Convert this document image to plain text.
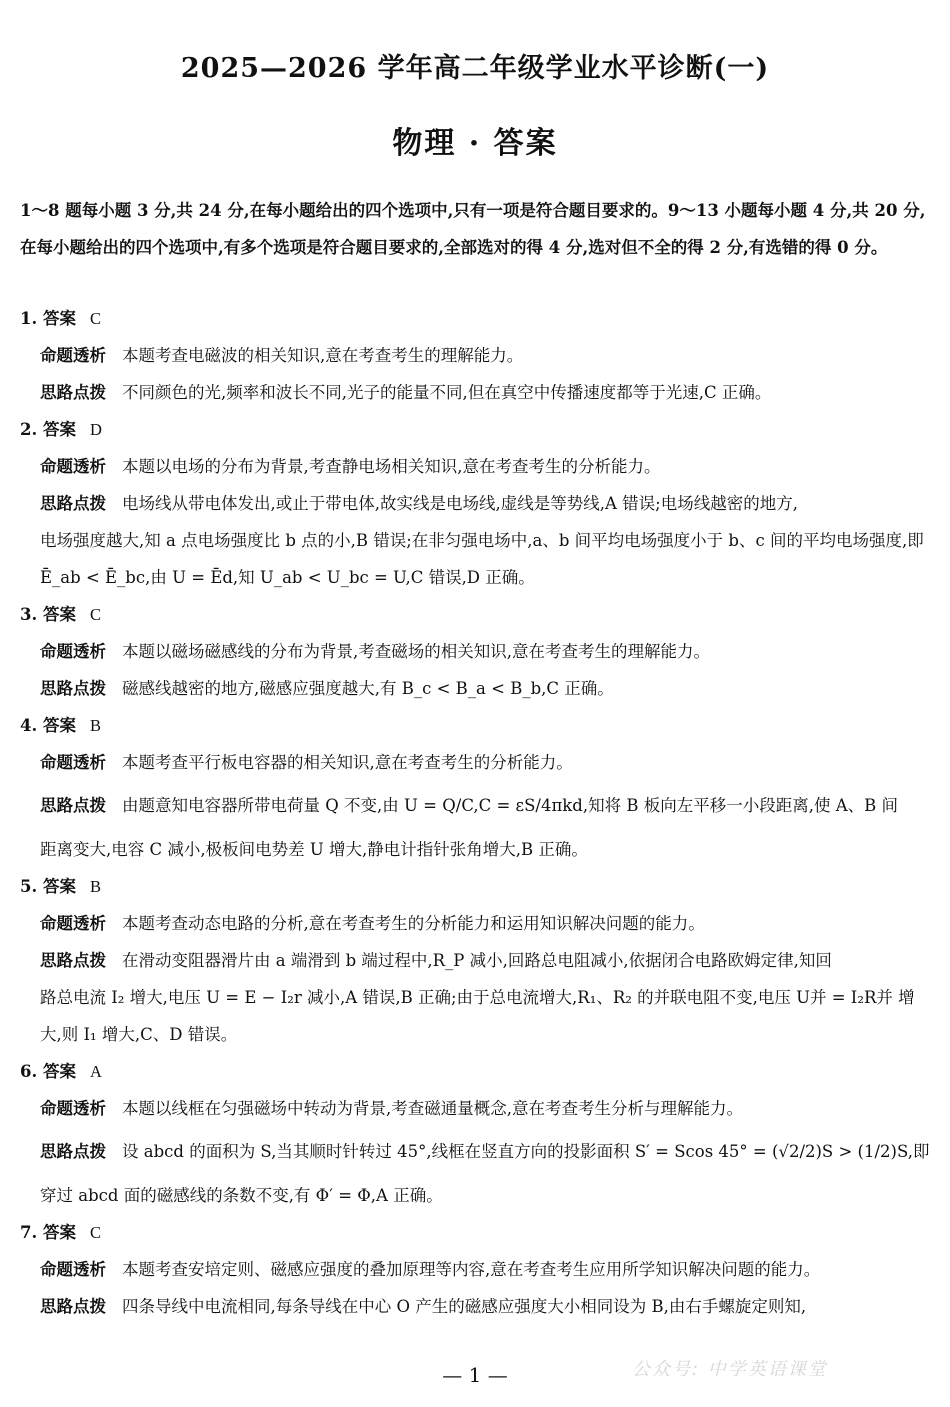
2025—2026 学年高二年级学业水平诊断(一)
物理 · 答案
1～8 题每小题 3 分,共 24 分,在每小题给出的四个选项中,只有一项是符合题目要求的。9～13 小题每小题 4 分,共 20 分,在每小题给出的四个选项中,有多个选项是符合题目要求的,全部选对的得 4 分,选对但不全的得 2 分,有选错的得 0 分。
1. 答案 C
命题透析 本题考查电磁波的相关知识,意在考查考生的理解能力。
思路点拨 不同颜色的光,频率和波长不同,光子的能量不同,但在真空中传播速度都等于光速,C 正确。
2. 答案 D
命题透析 本题以电场的分布为背景,考查静电场相关知识,意在考查考生的分析能力。
思路点拨 电场线从带电体发出,或止于带电体,故实线是电场线,虚线是等势线,A 错误;电场线越密的地方,
电场强度越大,知 a 点电场强度比 b 点的小,B 错误;在非匀强电场中,a、b 间平均电场强度小于 b、c 间的平均电场强度,即 Ē_ab < Ē_bc,由 U = Ēd,知 U_ab < U_bc = U,C 错误,D 正确。
3. 答案 C
命题透析 本题以磁场磁感线的分布为背景,考查磁场的相关知识,意在考查考生的理解能力。
思路点拨 磁感线越密的地方,磁感应强度越大,有 B_c < B_a < B_b,C 正确。
4. 答案 B
命题透析 本题考查平行板电容器的相关知识,意在考查考生的分析能力。
思路点拨 由题意知电容器所带电荷量 Q 不变,由 U = Q/C,C = εS/4πkd,知将 B 板向左平移一小段距离,使 A、B 间
距离变大,电容 C 减小,极板间电势差 U 增大,静电计指针张角增大,B 正确。
5. 答案 B
命题透析 本题考查动态电路的分析,意在考查考生的分析能力和运用知识解决问题的能力。
思路点拨 在滑动变阻器滑片由 a 端滑到 b 端过程中,R_P 减小,回路总电阻减小,依据闭合电路欧姆定律,知回
路总电流 I₂ 增大,电压 U = E − I₂r 减小,A 错误,B 正确;由于总电流增大,R₁、R₂ 的并联电阻不变,电压 U并 = I₂R并 增大,则 I₁ 增大,C、D 错误。
6. 答案 A
命题透析 本题以线框在匀强磁场中转动为背景,考查磁通量概念,意在考查考生分析与理解能力。
思路点拨 设 abcd 的面积为 S,当其顺时针转过 45°,线框在竖直方向的投影面积 S′ = Scos 45° = (√2/2)S > (1/2)S,即
穿过 abcd 面的磁感线的条数不变,有 Φ′ = Φ,A 正确。
7. 答案 C
命题透析 本题考查安培定则、磁感应强度的叠加原理等内容,意在考查考生应用所学知识解决问题的能力。
思路点拨 四条导线中电流相同,每条导线在中心 O 产生的磁感应强度大小相同设为 B,由右手螺旋定则知,
— 1 —	公众号: 中学英语课堂
